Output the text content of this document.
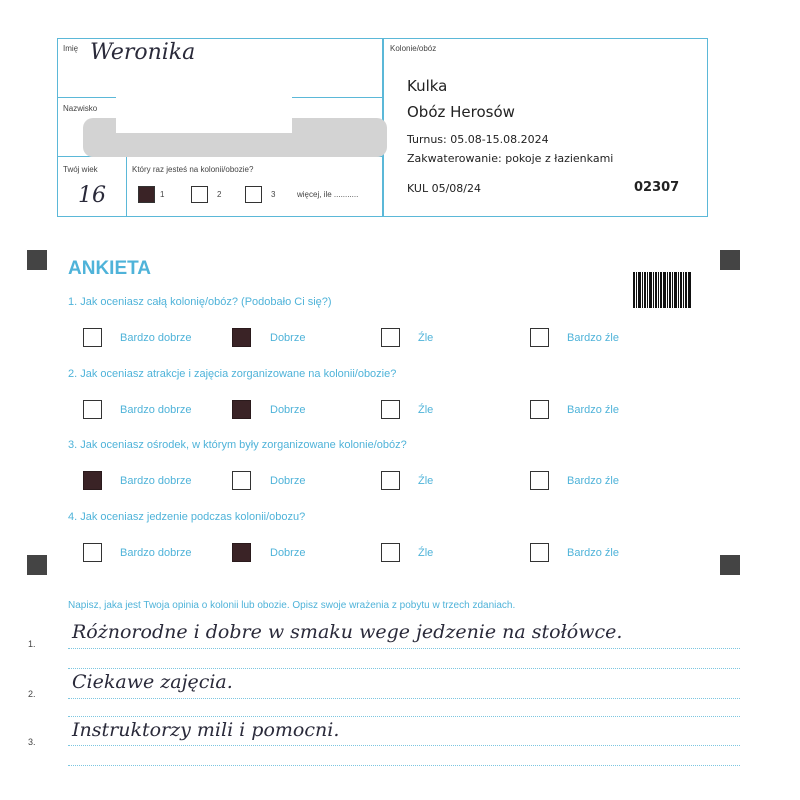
Imię Weronika
Nazwisko
Twój wiek
16
Który raz jesteś na kolonii/obozie?
1	2	3	więcej, ile ...........
Kolonie/obóz
Kulka
Obóz Herosów
Turnus: 05.08-15.08.2024
Zakwaterowanie: pokoje z łazienkami
KUL 05/08/24	02307
ANKIETA
1. Jak oceniasz całą kolonię/obóz? (Podobało Ci się?)
Bardzo dobrze	Dobrze	Źle	Bardzo źle
2. Jak oceniasz atrakcje i zajęcia zorganizowane na kolonii/obozie?
Bardzo dobrze	Dobrze	Źle	Bardzo źle
3. Jak oceniasz ośrodek, w którym były zorganizowane kolonie/obóz?
Bardzo dobrze	Dobrze	Źle	Bardzo źle
4. Jak oceniasz jedzenie podczas kolonii/obozu?
Bardzo dobrze	Dobrze	Źle	Bardzo źle
Napisz, jaka jest Twoja opinia o kolonii lub obozie. Opisz swoje wrażenia z pobytu w trzech zdaniach.
1.
Różnorodne i dobre w smaku wege jedzenie na stołówce.
2.
Ciekawe zajęcia.
3.
Instruktorzy mili i pomocni.
